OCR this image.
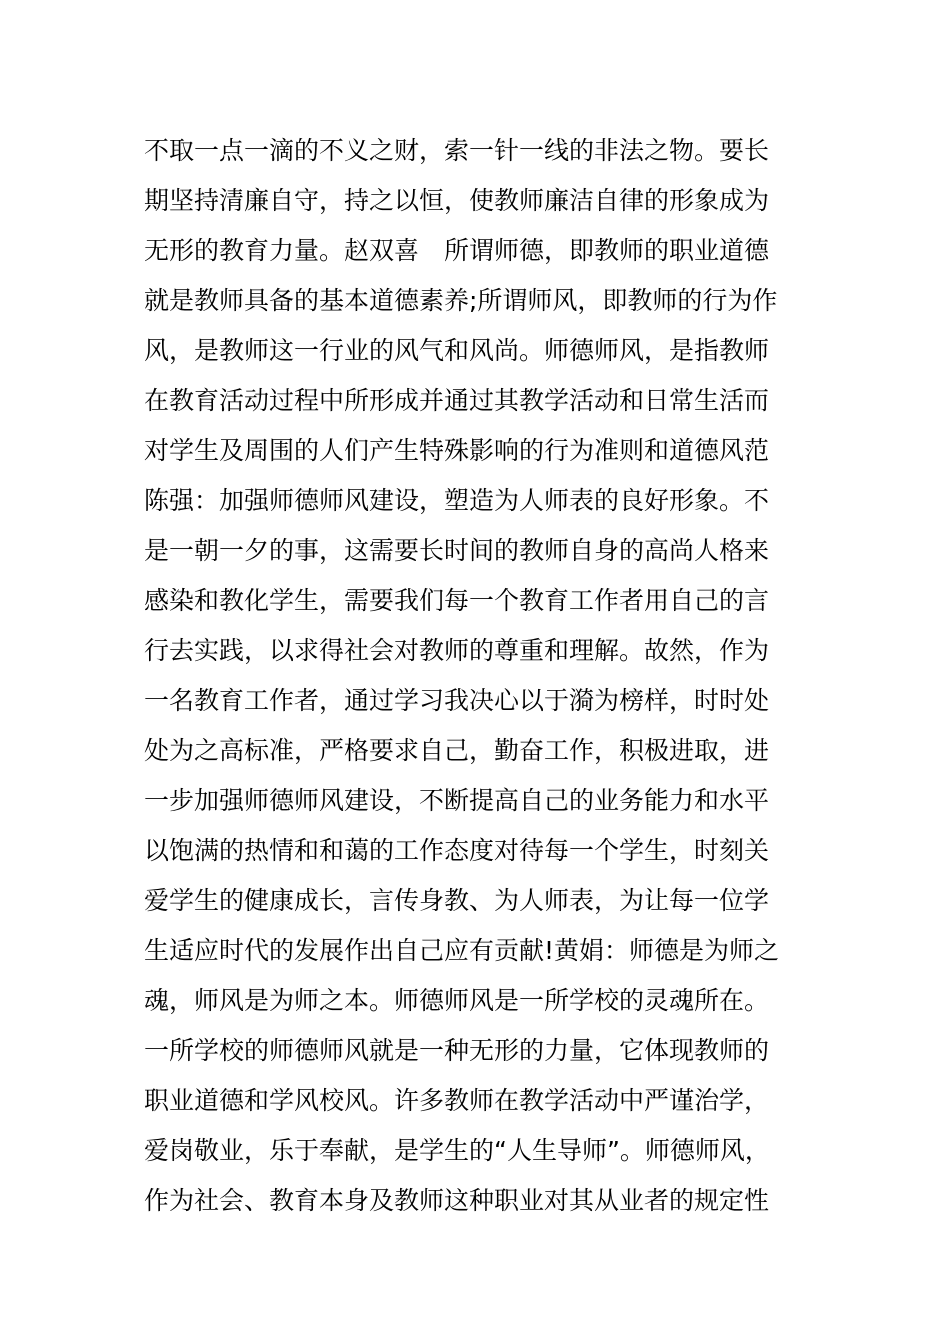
不取一点一滴的不义之财，索一针一线的非法之物。要长
期坚持清廉自守，持之以恒，使教师廉洁自律的形象成为
无形的教育力量。赵双喜　所谓师德，即教师的职业道德
就是教师具备的基本道德素养;所谓师风，即教师的行为作
风，是教师这一行业的风气和风尚。师德师风，是指教师
在教育活动过程中所形成并通过其教学活动和日常生活而
对学生及周围的人们产生特殊影响的行为准则和道德风范
陈强：加强师德师风建设，塑造为人师表的良好形象。不
是一朝一夕的事，这需要长时间的教师自身的高尚人格来
感染和教化学生，需要我们每一个教育工作者用自己的言
行去实践，以求得社会对教师的尊重和理解。故然，作为
一名教育工作者，通过学习我决心以于漪为榜样，时时处
处为之高标准，严格要求自己，勤奋工作，积极进取，进
一步加强师德师风建设，不断提高自己的业务能力和水平
以饱满的热情和和蔼的工作态度对待每一个学生，时刻关
爱学生的健康成长，言传身教、为人师表，为让每一位学
生适应时代的发展作出自己应有贡献!黄娟：师德是为师之
魂，师风是为师之本。师德师风是一所学校的灵魂所在。
一所学校的师德师风就是一种无形的力量，它体现教师的
职业道德和学风校风。许多教师在教学活动中严谨治学，
爱岗敬业，乐于奉献，是学生的“人生导师”。师德师风，
作为社会、教育本身及教师这种职业对其从业者的规定性
